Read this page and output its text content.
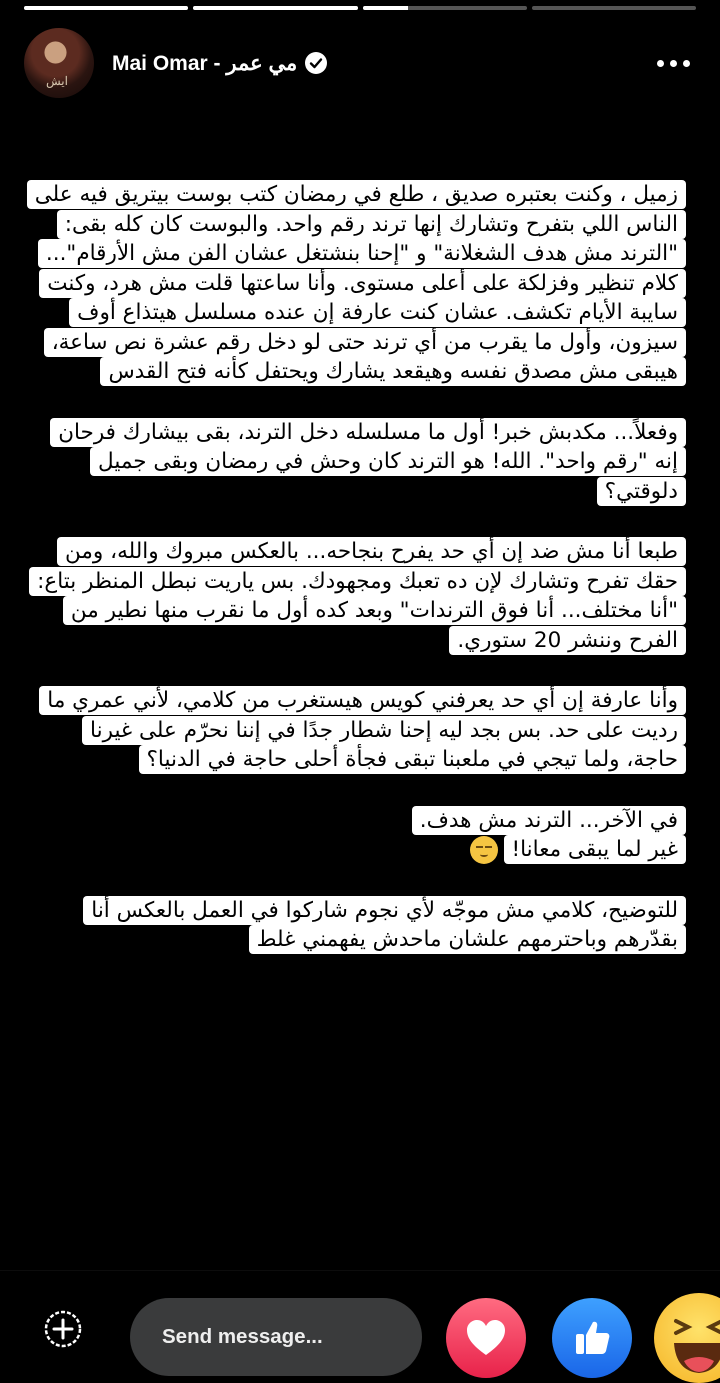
ايش
Mai Omar - مي عمر

زميل ، وكنت بعتبره صديق ، طلع في رمضان كتب بوست بيتريق فيه على الناس اللي بتفرح وتشارك إنها ترند رقم واحد. والبوست كان كله بقى: "الترند مش هدف الشغلانة" و "إحنا بنشتغل عشان الفن مش الأرقام"... كلام تنظير وفزلكة على أعلى مستوى. وأنا ساعتها قلت مش هرد، وكنت سايبة الأيام تكشف. عشان كنت عارفة إن عنده مسلسل هيتذاع أوف سيزون، وأول ما يقرب من أي ترند حتى لو دخل رقم عشرة نص ساعة، هيبقى مش مصدق نفسه وهيقعد يشارك ويحتفل كأنه فتح القدس

وفعلاً... مكدبش خبر! أول ما مسلسله دخل الترند، بقى بيشارك فرحان إنه "رقم واحد". الله! هو الترند كان وحش في رمضان وبقى جميل دلوقتي؟

طبعا أنا مش ضد إن أي حد يفرح بنجاحه... بالعكس مبروك والله، ومن حقك تفرح وتشارك لإن ده تعبك ومجهودك. بس ياريت نبطل المنظر بتاع: "أنا مختلف... أنا فوق الترندات" وبعد كده أول ما نقرب منها نطير من الفرح وننشر 20 ستوري.

وأنا عارفة إن أي حد يعرفني كويس هيستغرب من كلامي، لأني عمري ما رديت على حد. بس بجد ليه إحنا شطار جدًا في إننا نحرّم على غيرنا حاجة، ولما تيجي في ملعبنا تبقى فجأة أحلى حاجة في الدنيا؟

في الآخر... الترند مش هدف.
غير لما يبقى معانا!

للتوضيح، كلامي مش موجّه لأي نجوم شاركوا في العمل بالعكس أنا بقدّرهم وباحترمهم علشان ماحدش يفهمني غلط

Send message...
